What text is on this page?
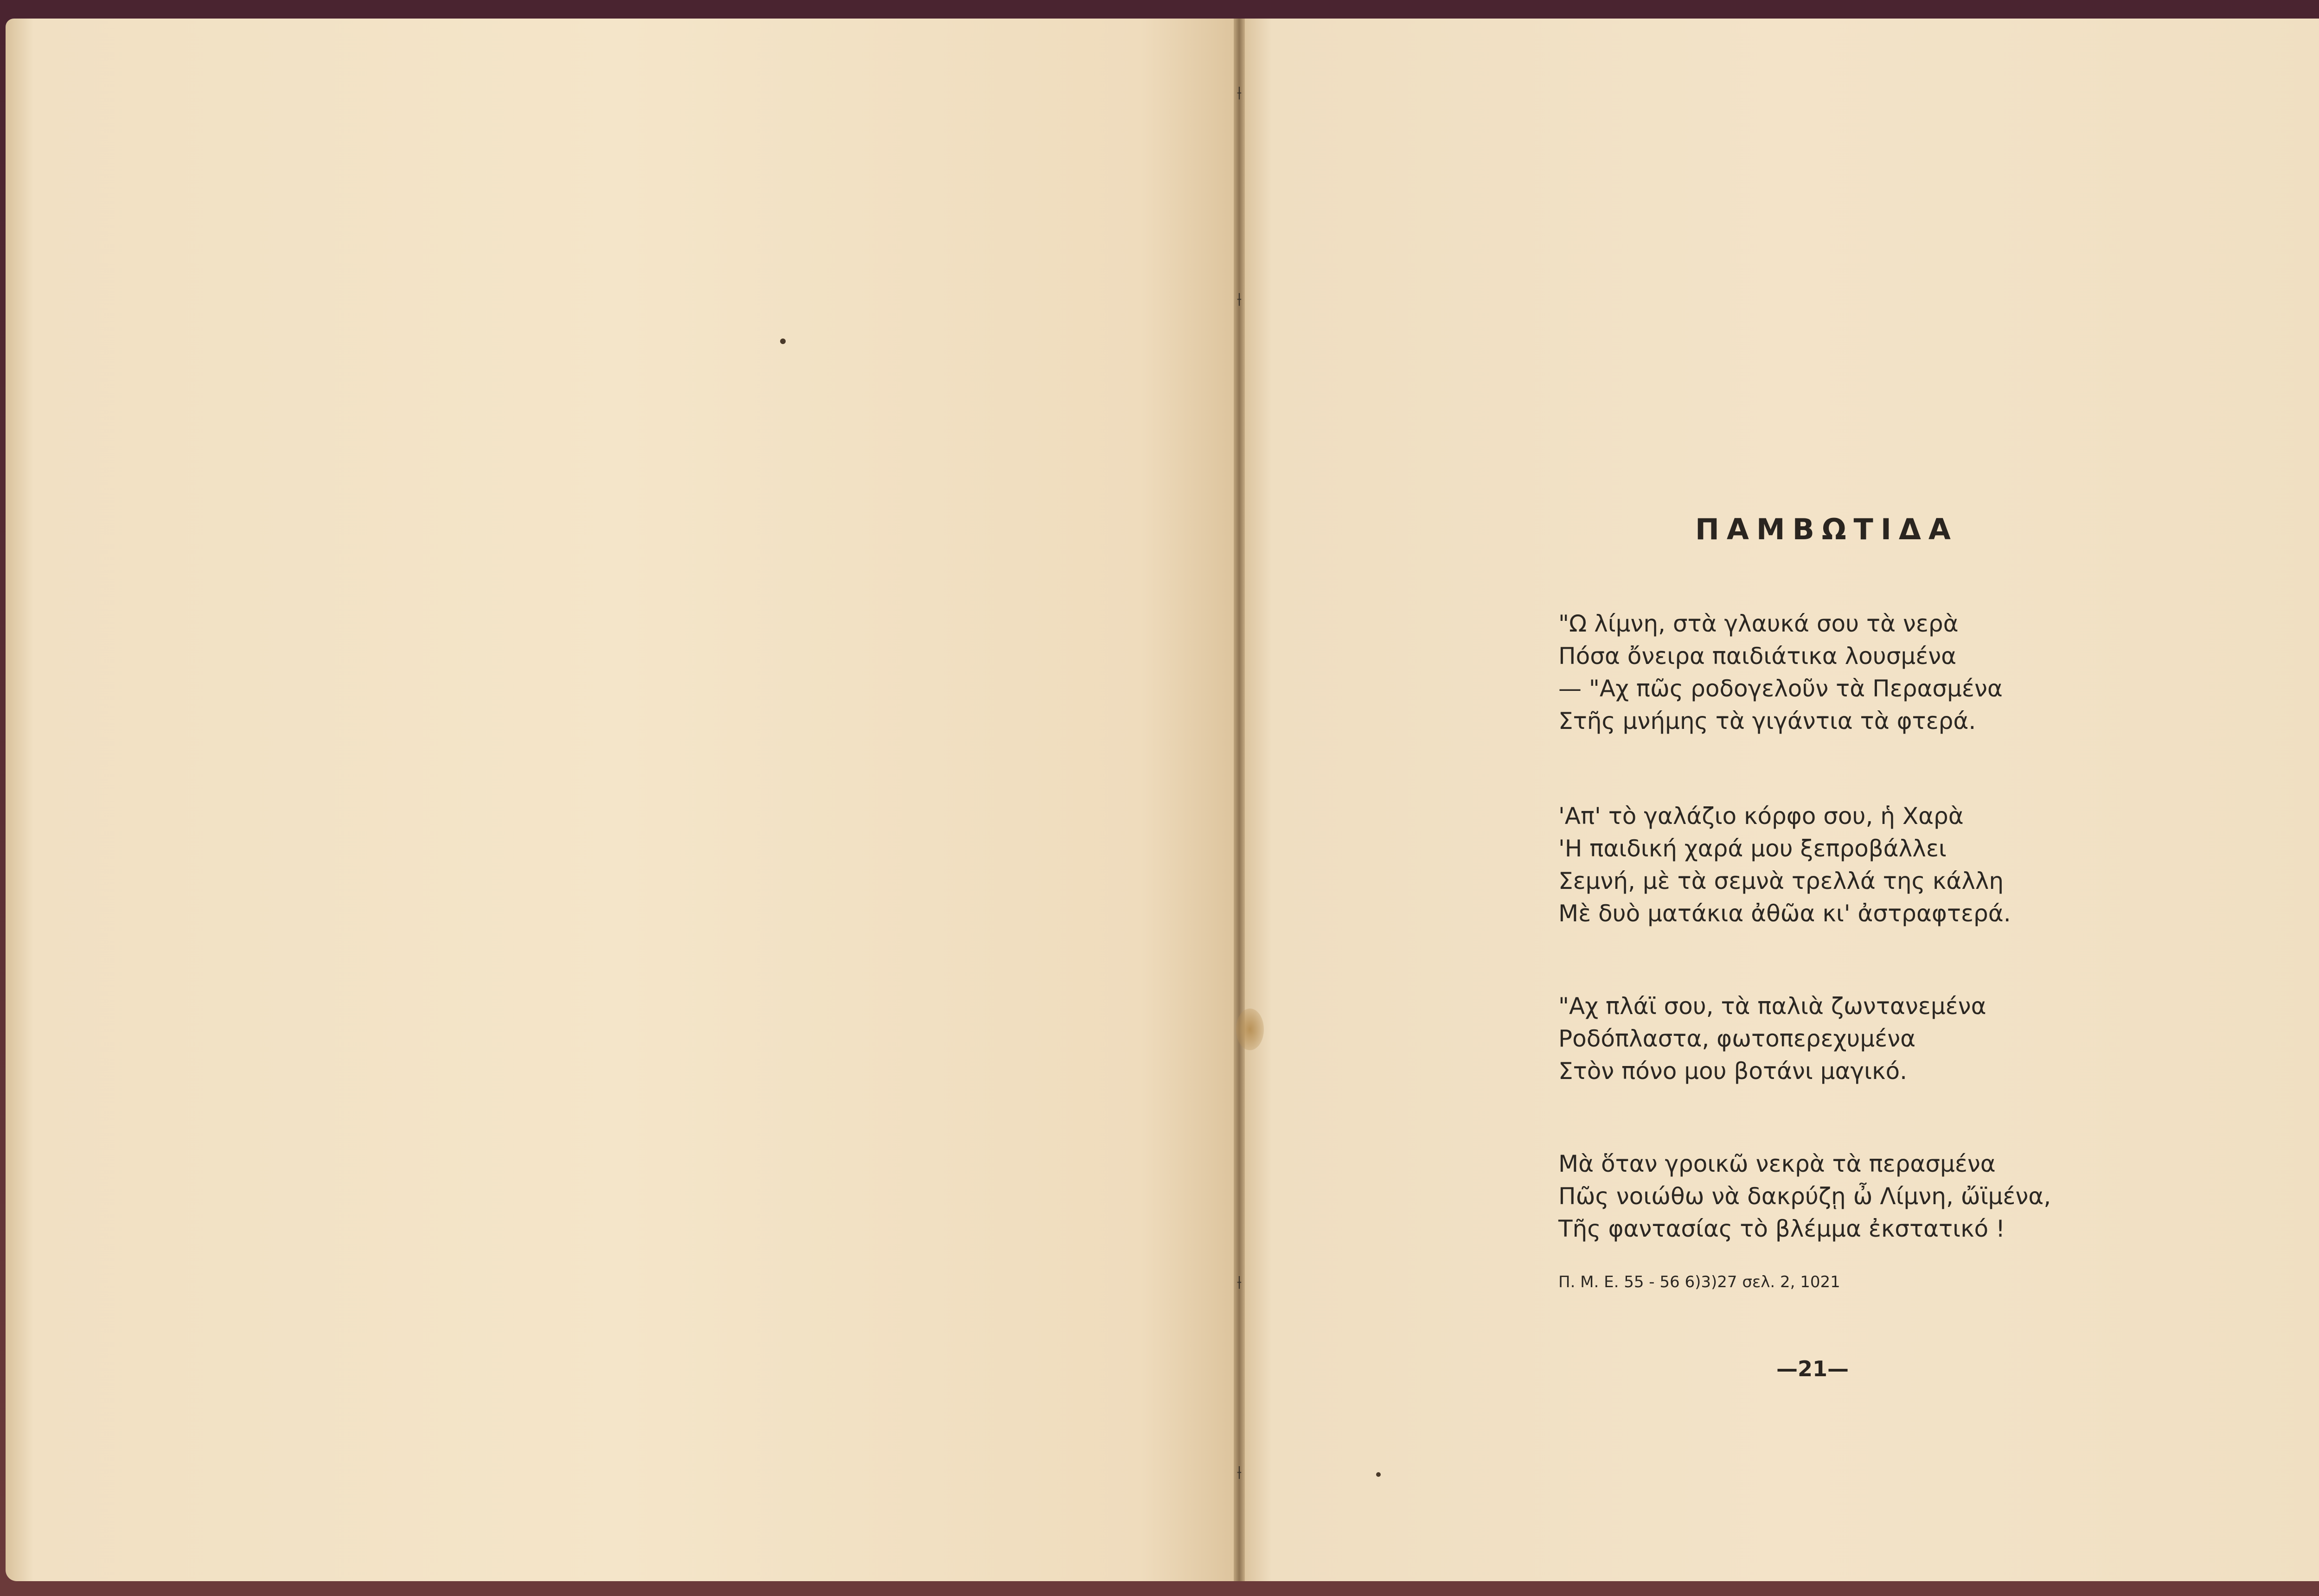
⟊
⟊
⟊
⟊
ΠΑΜΒΩΤΙΔΑ
"Ω λίμνη, στὰ γλαυκά σου τὰ νερὰ
Πόσα ὄνειρα παιδιάτικα λουσμένα
— "Αχ πῶς ροδογελοῦν τὰ Περασμένα
Στῆς μνήμης τὰ γιγάντια τὰ φτερά.
'Απ' τὸ γαλάζιο κόρφο σου, ἡ Χαρὰ
'Η παιδική χαρά μου ξεπροβάλλει
Σεμνή, μὲ τὰ σεμνὰ τρελλά της κάλλη
Μὲ δυὸ ματάκια ἀθῶα κι' ἀστραφτερά.
"Αχ πλάϊ σου, τὰ παλιὰ ζωντανεμένα
Ροδόπλαστα, φωτοπερεχυμένα
Στὸν πόνο μου βοτάνι μαγικό.
Μὰ ὅταν γροικῶ νεκρὰ τὰ περασμένα
Πῶς νοιώθω νὰ δακρύζῃ ὦ Λίμνη, ὤϊμένα,
Τῆς φαντασίας τὸ βλέμμα ἐκστατικό !
Π. Μ. Ε. 55 - 56 6)3)27 σελ. 2, 1021
—21—
